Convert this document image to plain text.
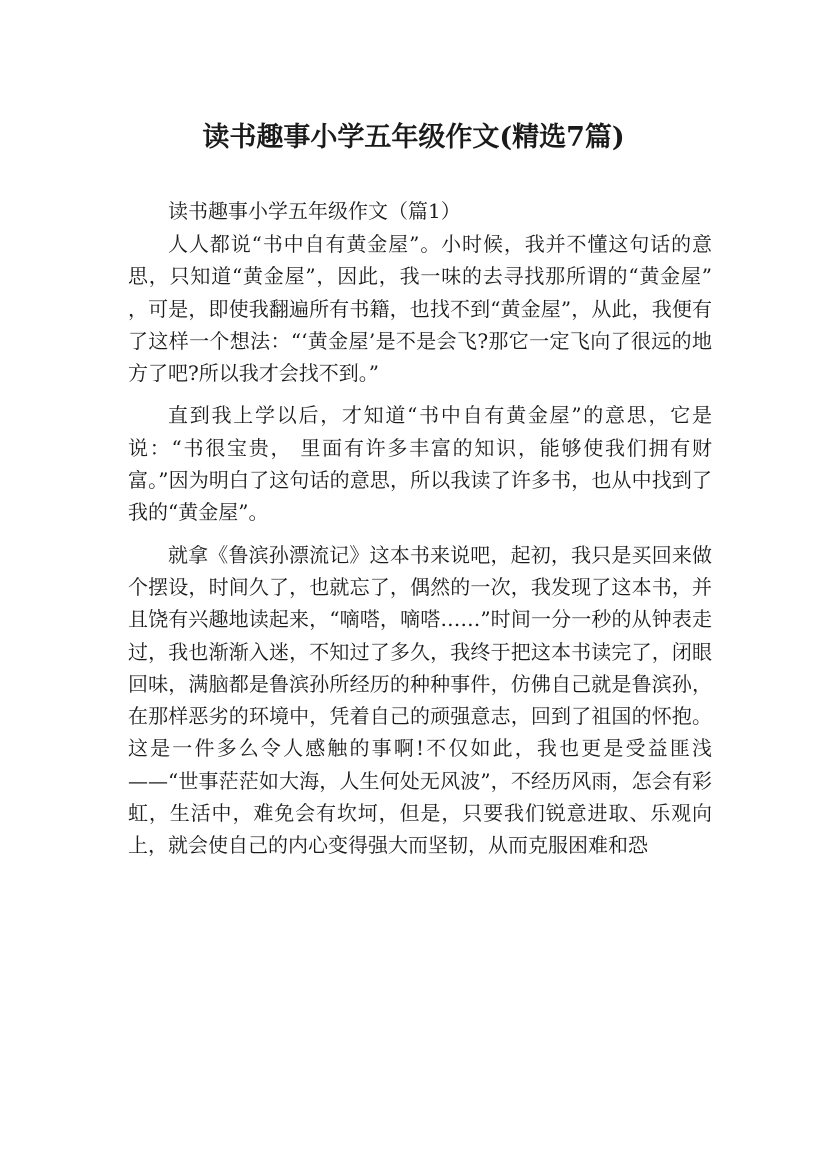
读书趣事小学五年级作文(精选7篇)

读书趣事小学五年级作文（篇1）

人人都说“书中自有黄金屋”。小时候，我并不懂这句话的意思，只知道“黄金屋”，因此，我一味的去寻找那所谓的“黄金屋” ，可是，即使我翻遍所有书籍，也找不到“黄金屋”，从此，我便有了这样一个想法：“‘黄金屋’是不是会飞?那它一定飞向了很远的地方了吧?所以我才会找不到。”

直到我上学以后，才知道“书中自有黄金屋”的意思，它是说：“书很宝贵， 里面有许多丰富的知识，能够使我们拥有财富。”因为明白了这句话的意思，所以我读了许多书，也从中找到了我的“黄金屋”。

就拿《鲁滨孙漂流记》这本书来说吧，起初，我只是买回来做个摆设，时间久了，也就忘了，偶然的一次，我发现了这本书，并且饶有兴趣地读起来，“嘀嗒，嘀嗒……”时间一分一秒的从钟表走过，我也渐渐入迷，不知过了多久，我终于把这本书读完了，闭眼回味，满脑都是鲁滨孙所经历的种种事件，仿佛自己就是鲁滨孙，在那样恶劣的环境中，凭着自己的顽强意志，回到了祖国的怀抱。这是一件多么令人感触的事啊!不仅如此，我也更是受益匪浅——“世事茫茫如大海，人生何处无风波”，不经历风雨，怎会有彩虹，生活中，难免会有坎坷，但是，只要我们锐意进取、乐观向上，就会使自己的内心变得强大而坚韧，从而克服困难和恐
